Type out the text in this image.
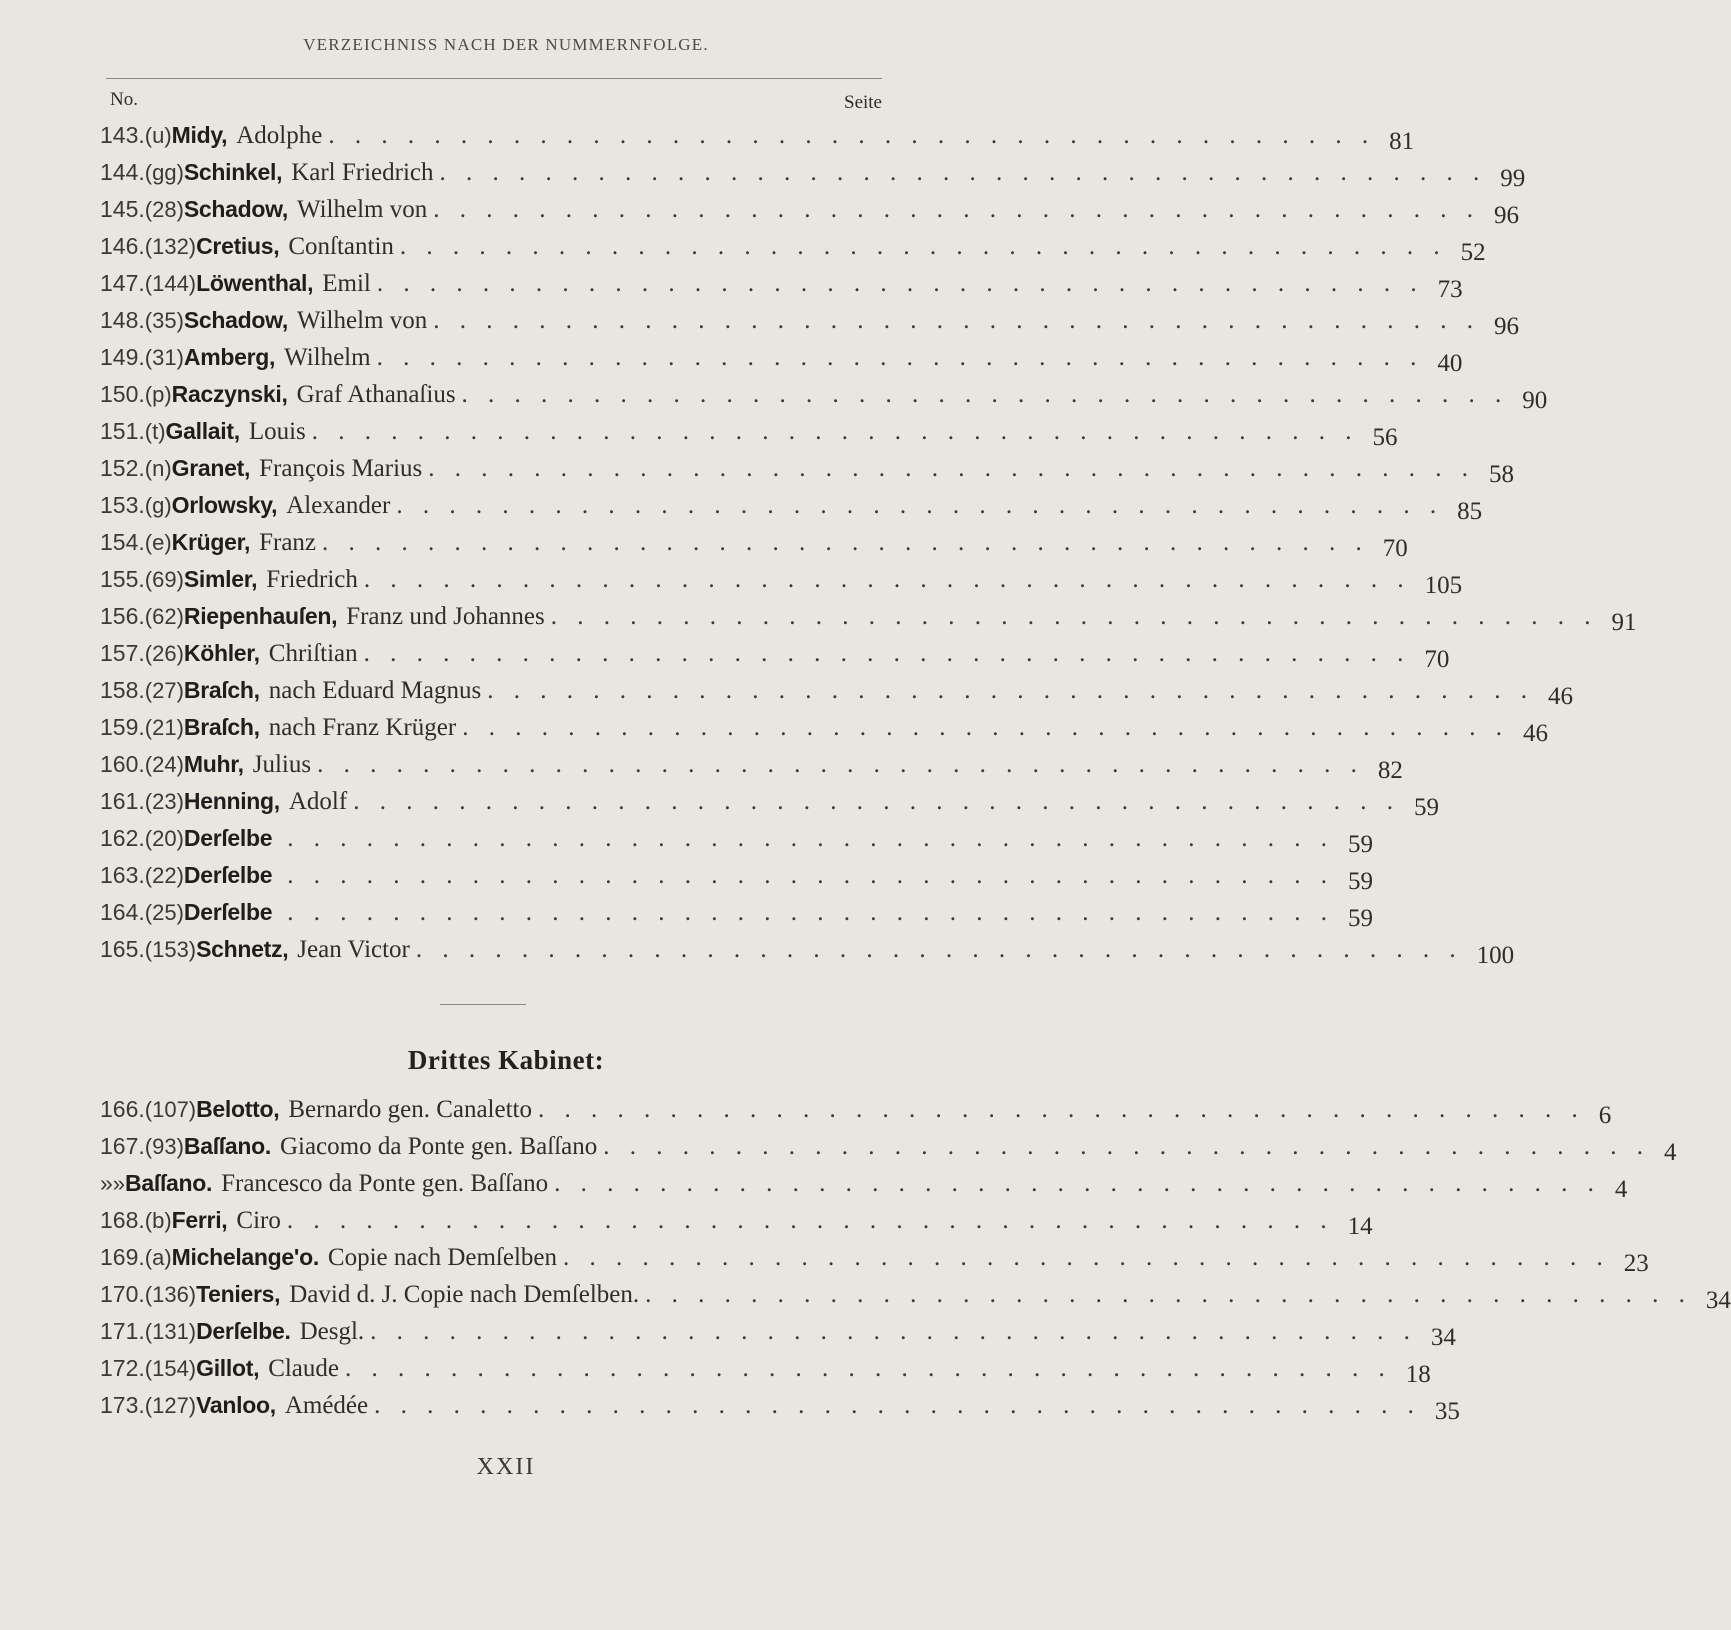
VERZEICHNISS NACH DER NUMMERNFOLGE.
No.	Seite
143. (u) Midy, Adolphe . . . . . . . . . . . . . . . . . . . . . . . . . . . . . . . . . . . . . . . . 81
144. (gg) Schinkel, Karl Friedrich . . . . . . . . . . . . . . . . . . . . . . . . . . . . . . . . . . . . . . . . 99
145. (28) Schadow, Wilhelm von . . . . . . . . . . . . . . . . . . . . . . . . . . . . . . . . . . . . . . . . 96
146. (132) Cretius, Conſtantin . . . . . . . . . . . . . . . . . . . . . . . . . . . . . . . . . . . . . . . . 52
147. (144) Löwenthal, Emil . . . . . . . . . . . . . . . . . . . . . . . . . . . . . . . . . . . . . . . . 73
148. (35) Schadow, Wilhelm von . . . . . . . . . . . . . . . . . . . . . . . . . . . . . . . . . . . . . . . . 96
149. (31) Amberg, Wilhelm . . . . . . . . . . . . . . . . . . . . . . . . . . . . . . . . . . . . . . . . 40
150. (p) Raczynski, Graf Athanaſius . . . . . . . . . . . . . . . . . . . . . . . . . . . . . . . . . . . . . . . . 90
151. (t) Gallait, Louis . . . . . . . . . . . . . . . . . . . . . . . . . . . . . . . . . . . . . . . . 56
152. (n) Granet, François Marius . . . . . . . . . . . . . . . . . . . . . . . . . . . . . . . . . . . . . . . . 58
153. (g) Orlowsky, Alexander . . . . . . . . . . . . . . . . . . . . . . . . . . . . . . . . . . . . . . . . 85
154. (e) Krüger, Franz . . . . . . . . . . . . . . . . . . . . . . . . . . . . . . . . . . . . . . . . 70
155. (69) Simler, Friedrich . . . . . . . . . . . . . . . . . . . . . . . . . . . . . . . . . . . . . . . . 105
156. (62) Riepenhauſen, Franz und Johannes . . . . . . . . . . . . . . . . . . . . . . . . . . . . . . . . . . . . . . . . 91
157. (26) Köhler, Chriſtian . . . . . . . . . . . . . . . . . . . . . . . . . . . . . . . . . . . . . . . . 70
158. (27) Braſch, nach Eduard Magnus . . . . . . . . . . . . . . . . . . . . . . . . . . . . . . . . . . . . . . . . 46
159. (21) Braſch, nach Franz Krüger . . . . . . . . . . . . . . . . . . . . . . . . . . . . . . . . . . . . . . . . 46
160. (24) Muhr, Julius . . . . . . . . . . . . . . . . . . . . . . . . . . . . . . . . . . . . . . . . 82
161. (23) Henning, Adolf . . . . . . . . . . . . . . . . . . . . . . . . . . . . . . . . . . . . . . . . 59
162. (20) Derſelbe . . . . . . . . . . . . . . . . . . . . . . . . . . . . . . . . . . . . . . . . 59
163. (22) Derſelbe . . . . . . . . . . . . . . . . . . . . . . . . . . . . . . . . . . . . . . . . 59
164. (25) Derſelbe . . . . . . . . . . . . . . . . . . . . . . . . . . . . . . . . . . . . . . . . 59
165. (153) Schnetz, Jean Victor . . . . . . . . . . . . . . . . . . . . . . . . . . . . . . . . . . . . . . . . 100
Drittes Kabinet:
166. (107) Belotto, Bernardo gen. Canaletto . . . . . . . . . . . . . . . . . . . . . . . . . . . . . . . . . . . . . . . . 6
167. (93) Baſſano. Giacomo da Ponte gen. Baſſano . . . . . . . . . . . . . . . . . . . . . . . . . . . . . . . . . . . . . . . . 4
» » Baſſano. Francesco da Ponte gen. Baſſano . . . . . . . . . . . . . . . . . . . . . . . . . . . . . . . . . . . . . . . . 4
168. (b) Ferri, Ciro . . . . . . . . . . . . . . . . . . . . . . . . . . . . . . . . . . . . . . . . 14
169. (a) Michelange'o. Copie nach Demſelben . . . . . . . . . . . . . . . . . . . . . . . . . . . . . . . . . . . . . . . . 23
170. (136) Teniers, David d. J. Copie nach Demſelben. . . . . . . . . . . . . . . . . . . . . . . . . . . . . . . . . . . . . . . . . 34
171. (131) Derſelbe. Desgl. . . . . . . . . . . . . . . . . . . . . . . . . . . . . . . . . . . . . . . . . 34
172. (154) Gillot, Claude . . . . . . . . . . . . . . . . . . . . . . . . . . . . . . . . . . . . . . . . 18
173. (127) Vanloo, Amédée . . . . . . . . . . . . . . . . . . . . . . . . . . . . . . . . . . . . . . . . 35
XXII
